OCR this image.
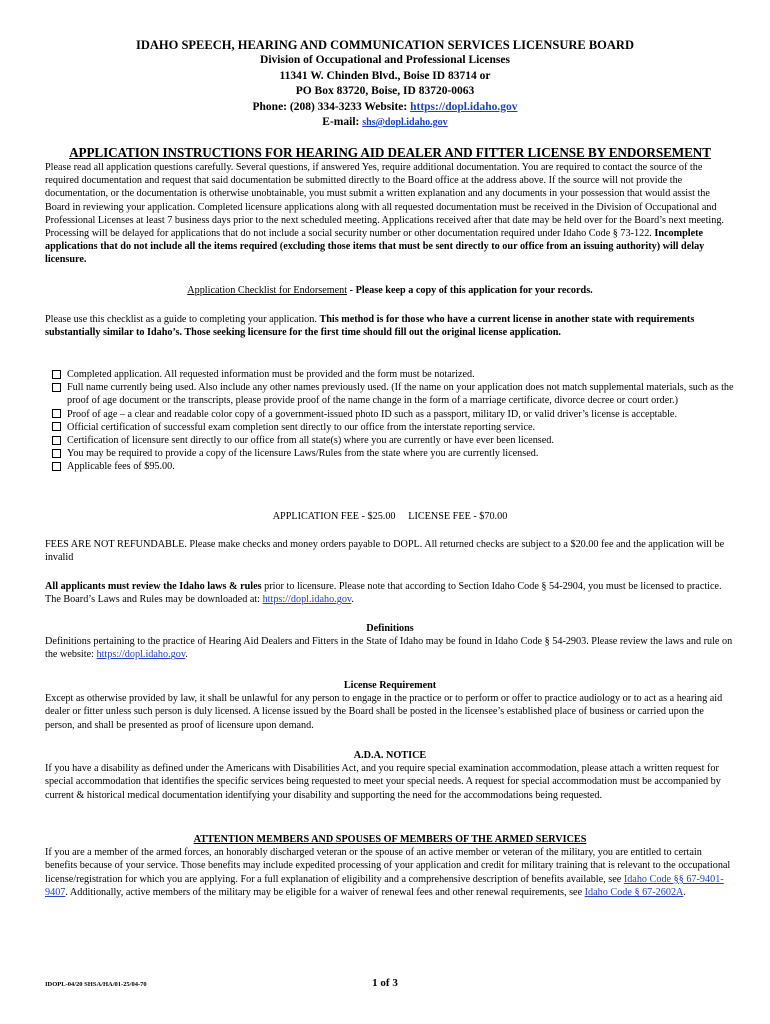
IDAHO SPEECH, HEARING AND COMMUNICATION SERVICES LICENSURE BOARD
Division of Occupational and Professional Licenses
11341 W. Chinden Blvd., Boise ID 83714 or
PO Box 83720, Boise, ID 83720-0063
Phone: (208) 334-3233 Website: https://dopl.idaho.gov
E-mail: shs@dopl.idaho.gov
APPLICATION INSTRUCTIONS FOR HEARING AID DEALER AND FITTER LICENSE BY ENDORSEMENT

Please read all application questions carefully. Several questions, if answered Yes, require additional documentation. You are required to contact the source of the required documentation and request that said documentation be submitted directly to the Board office at the address above. If the source will not provide the documentation, or the documentation is otherwise unobtainable, you must submit a written explanation and any documents in your possession that would assist the Board in reviewing your application. Completed licensure applications along with all requested documentation must be received in the Division of Occupational and Professional Licenses at least 7 business days prior to the next scheduled meeting. Applications received after that date may be held over for the Board’s next meeting. Processing will be delayed for applications that do not include a social security number or other documentation required under Idaho Code § 73-122. Incomplete applications that do not include all the items required (excluding those items that must be sent directly to our office from an issuing authority) will delay licensure.

Application Checklist for Endorsement - Please keep a copy of this application for your records.

Please use this checklist as a guide to completing your application. This method is for those who have a current license in another state with requirements substantially similar to Idaho’s. Those seeking licensure for the first time should fill out the original license application.

Completed application. All requested information must be provided and the form must be notarized.
Full name currently being used. Also include any other names previously used. (If the name on your application does not match supplemental materials, such as the proof of age document or the transcripts, please provide proof of the name change in the form of a marriage certificate, divorce decree or court order.)
Proof of age – a clear and readable color copy of a government-issued photo ID such as a passport, military ID, or valid driver’s license is acceptable.
Official certification of successful exam completion sent directly to our office from the interstate reporting service.
Certification of licensure sent directly to our office from all state(s) where you are currently or have ever been licensed.
You may be required to provide a copy of the licensure Laws/Rules from the state where you are currently licensed.
Applicable fees of $95.00.
APPLICATION FEE - $25.00     LICENSE FEE - $70.00
FEES ARE NOT REFUNDABLE. Please make checks and money orders payable to DOPL. All returned checks are subject to a $20.00 fee and the application will be invalid

All applicants must review the Idaho laws & rules prior to licensure. Please note that according to Section Idaho Code § 54-2904, you must be licensed to practice. The Board’s Laws and Rules may be downloaded at: https://dopl.idaho.gov.

Definitions

Definitions pertaining to the practice of Hearing Aid Dealers and Fitters in the State of Idaho may be found in Idaho Code § 54-2903. Please review the laws and rule on the website: https://dopl.idaho.gov.

License Requirement

Except as otherwise provided by law, it shall be unlawful for any person to engage in the practice or to perform or offer to practice audiology or to act as a hearing aid dealer or fitter unless such person is duly licensed. A license issued by the Board shall be posted in the licensee’s established place of business or carried upon the person, and shall be presented as proof of licensure upon demand.

A.D.A. NOTICE

If you have a disability as defined under the Americans with Disabilities Act, and you require special examination accommodation, please attach a written request for special accommodation that identifies the specific services being requested to meet your special needs. A request for special accommodation must be accompanied by current & historical medical documentation identifying your disability and supporting the need for the accommodations being requested.

ATTENTION MEMBERS AND SPOUSES OF MEMBERS OF THE ARMED SERVICES

If you are a member of the armed forces, an honorably discharged veteran or the spouse of an active member or veteran of the military, you are entitled to certain benefits because of your service. Those benefits may include expedited processing of your application and credit for military training that is relevant to the occupational license/registration for which you are applying. For a full explanation of eligibility and a comprehensive description of benefits available, see Idaho Code §§ 67-9401-9407. Additionally, active members of the military may be eligible for a waiver of renewal fees and other renewal requirements, see Idaho Code § 67-2602A.

IDOPL-04/20 SHSA/HA/01-25/04-70	1 of 3
